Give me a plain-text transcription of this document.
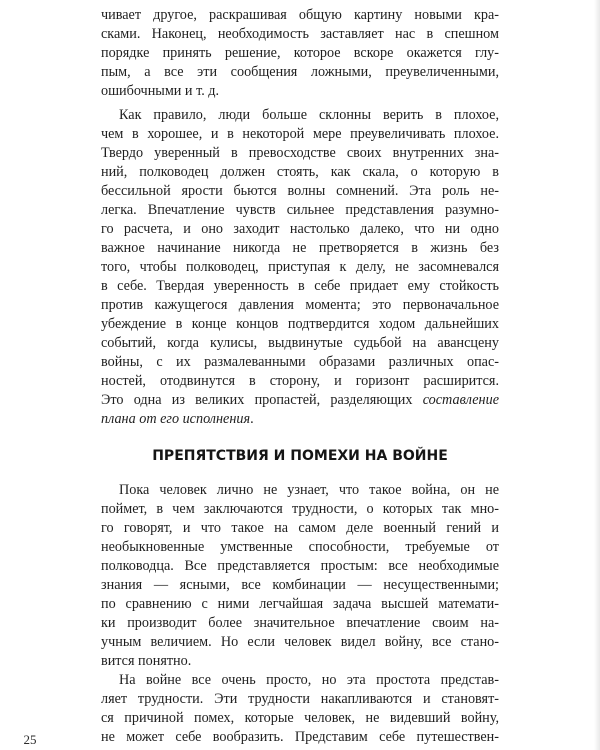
чивает другое, раскрашивая общую картину новыми кра-
сками. Наконец, необходимость заставляет нас в спешном
порядке принять решение, которое вскоре окажется глу-
пым, а все эти сообщения ложными, преувеличенными,
ошибочными и т. д.
Как правило, люди больше склонны верить в плохое,
чем в хорошее, и в некоторой мере преувеличивать плохое.
Твердо уверенный в превосходстве своих внутренних зна-
ний, полководец должен стоять, как скала, о которую в
бессильной ярости бьются волны сомнений. Эта роль не-
легка. Впечатление чувств сильнее представления разумно-
го расчета, и оно заходит настолько далеко, что ни одно
важное начинание никогда не претворяется в жизнь без
того, чтобы полководец, приступая к делу, не засомневался
в себе. Твердая уверенность в себе придает ему стойкость
против кажущегося давления момента; это первоначальное
убеждение в конце концов подтвердится ходом дальнейших
событий, когда кулисы, выдвинутые судьбой на авансцену
войны, с их размалеванными образами различных опас-
ностей, отодвинутся в сторону, и горизонт расширится.
Это одна из великих пропастей, разделяющих составление
плана от его исполнения.
ПРЕПЯТСТВИЯ И ПОМЕХИ НА ВОЙНЕ
Пока человек лично не узнает, что такое война, он не
поймет, в чем заключаются трудности, о которых так мно-
го говорят, и что такое на самом деле военный гений и
необыкновенные умственные способности, требуемые от
полководца. Все представляется простым: все необходимые
знания — ясными, все комбинации — несущественными;
по сравнению с ними легчайшая задача высшей математи-
ки производит более значительное впечатление своим на-
учным величием. Но если человек видел войну, все стано-
вится понятно.
На войне все очень просто, но эта простота представ-
ляет трудности. Эти трудности накапливаются и становят-
ся причиной помех, которые человек, не видевший войну,
не может себе вообразить. Представим себе путешествен-
25
